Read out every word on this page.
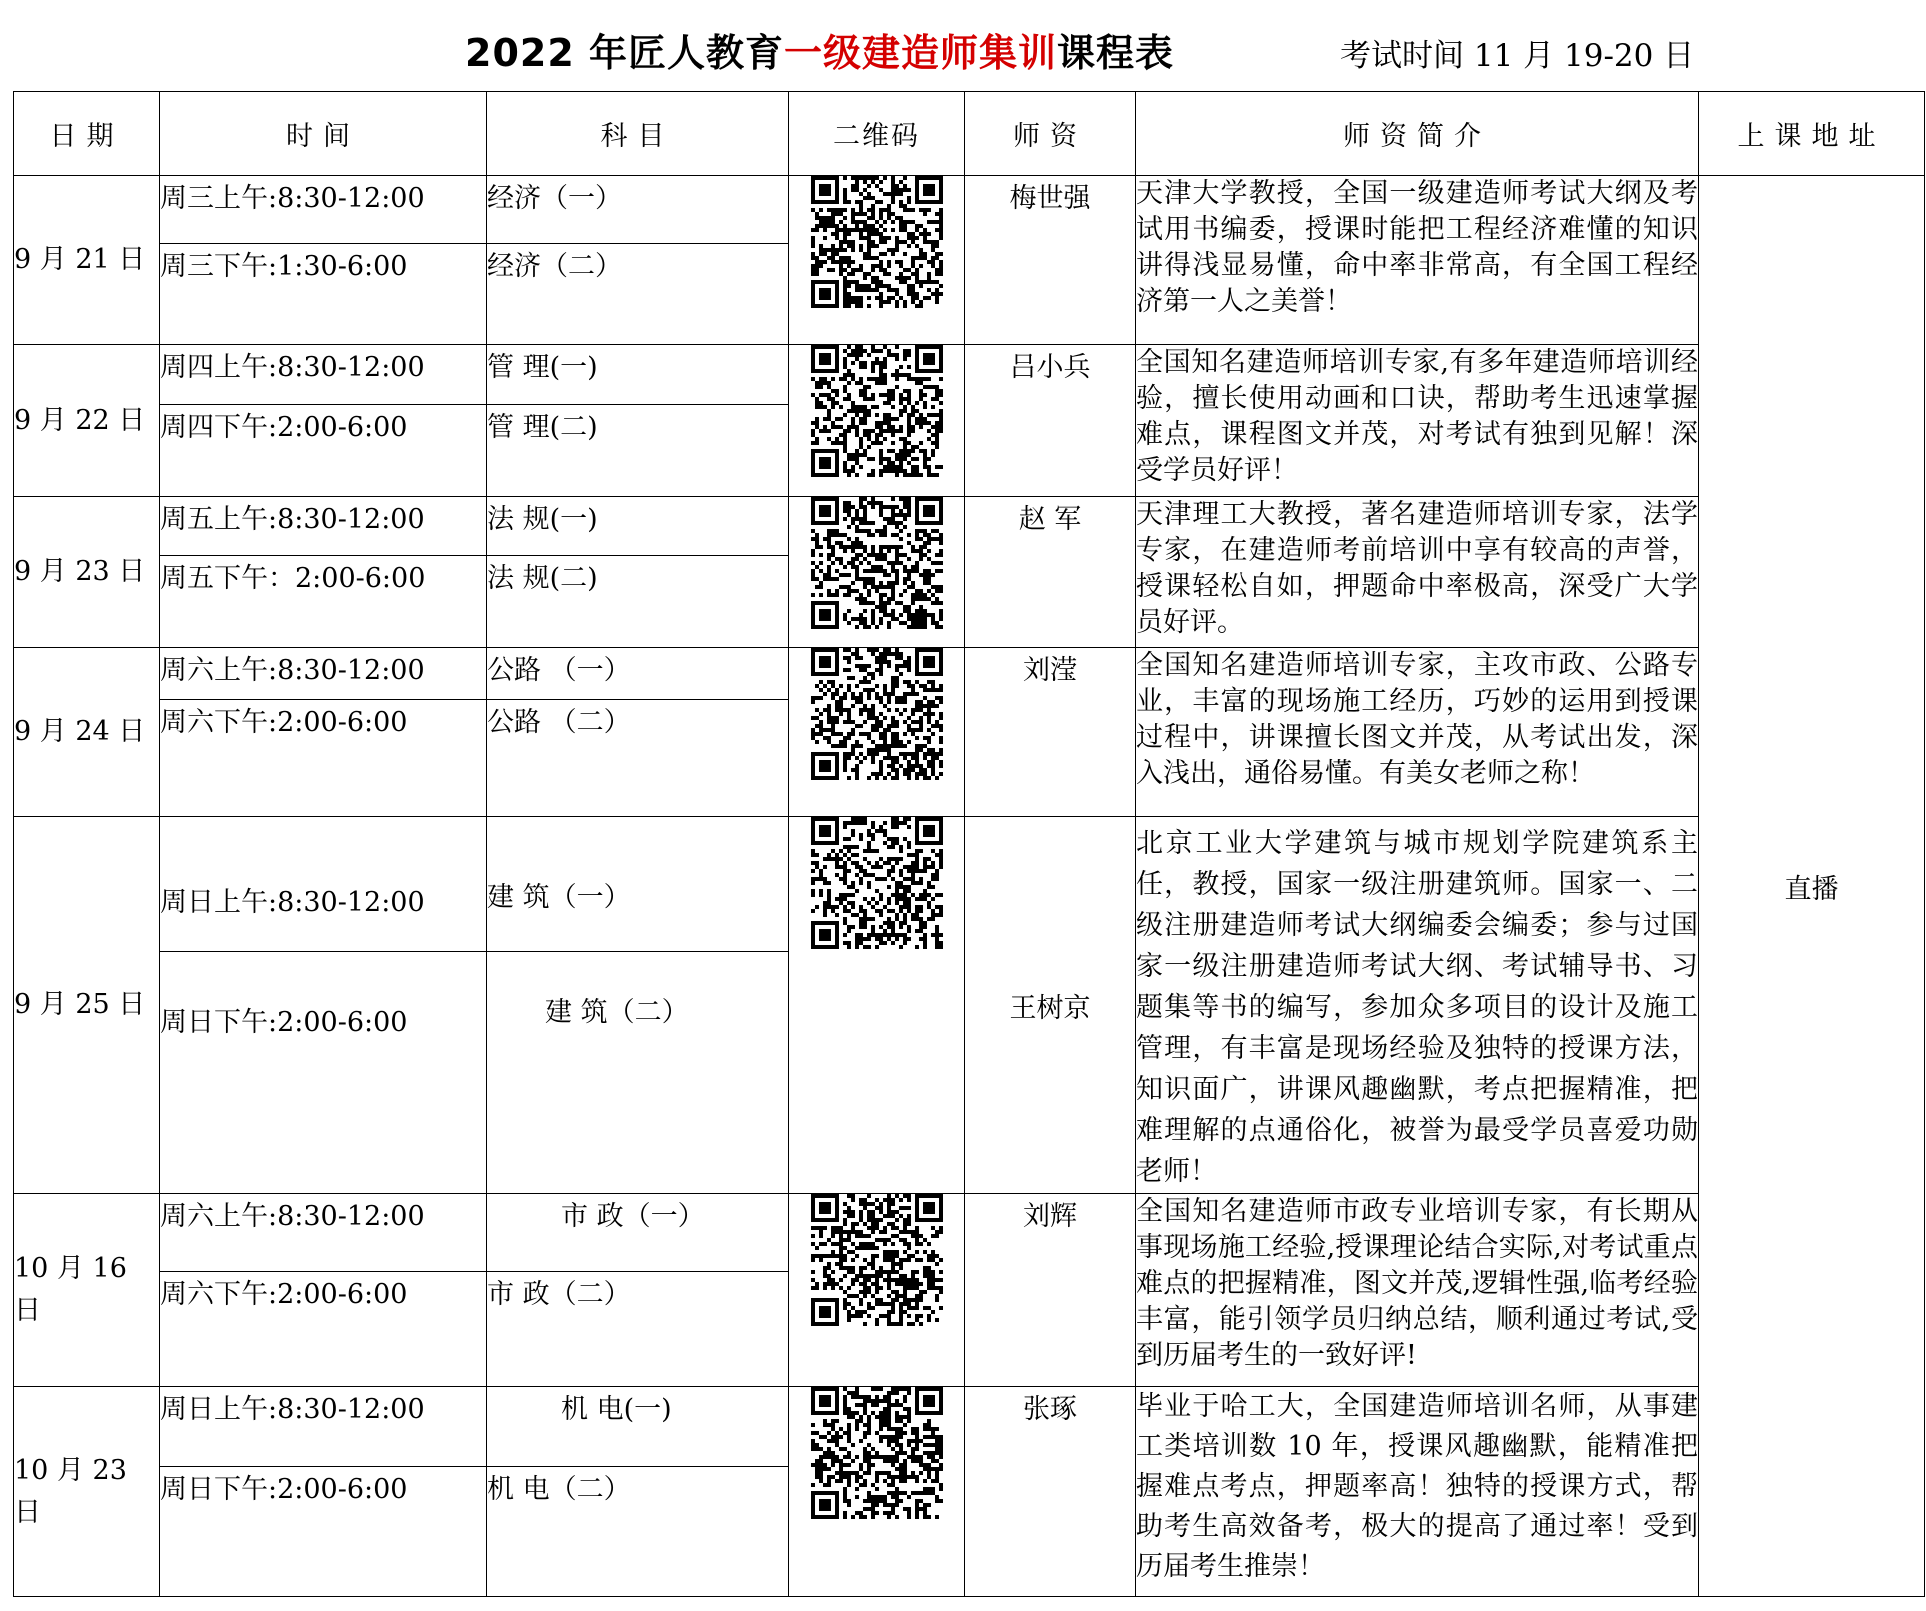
2022 年匠人教育一级建造师集训课程表	考试时间 11 月 19-20 日
日期	时间	科目	二维码	师资	师资简介	上课地址
9 月 21 日	周三上午:8:30-12:00	经济（一）		梅世强	天津大学教授，全国一级建造师考试大纲及考试用书编委，授课时能把工程经济难懂的知识讲得浅显易懂，命中率非常高，有全国工程经济第一人之美誉！	直播
	周三下午:1:30-6:00	经济（二）				
9 月 22 日	周四上午:8:30-12:00	管 理(一)		吕小兵	全国知名建造师培训专家,有多年建造师培训经验，擅长使用动画和口诀，帮助考生迅速掌握难点，课程图文并茂，对考试有独到见解！深受学员好评！	
	周四下午:2:00-6:00	管 理(二)				
9 月 23 日	周五上午:8:30-12:00	法 规(一)		赵 军	天津理工大教授，著名建造师培训专家，法学专家，在建造师考前培训中享有较高的声誉，授课轻松自如，押题命中率极高，深受广大学员好评。	
	周五下午：2:00-6:00	法 规(二)				
9 月 24 日	周六上午:8:30-12:00	公路 （一）		刘滢	全国知名建造师培训专家，主攻市政、公路专业，丰富的现场施工经历，巧妙的运用到授课过程中，讲课擅长图文并茂，从考试出发，深入浅出，通俗易懂。有美女老师之称！	
	周六下午:2:00-6:00	公路 （二）				
9 月 25 日	周日上午:8:30-12:00	建 筑（一）		王树京	北京工业大学建筑与城市规划学院建筑系主任，教授，国家一级注册建筑师。国家一、二级注册建造师考试大纲编委会编委；参与过国家一级注册建造师考试大纲、考试辅导书、习题集等书的编写，参加众多项目的设计及施工管理，有丰富是现场经验及独特的授课方法，知识面广，讲课风趣幽默，考点把握精准，把难理解的点通俗化，被誉为最受学员喜爱功勋老师！	
	周日下午:2:00-6:00	建 筑（二）				
10 月 16 日	周六上午:8:30-12:00	市 政（一）		刘辉	全国知名建造师市政专业培训专家，有长期从事现场施工经验,授课理论结合实际,对考试重点难点的把握精准，图文并茂,逻辑性强,临考经验丰富，能引领学员归纳总结，顺利通过考试,受到历届考生的一致好评!	
	周六下午:2:00-6:00	市 政（二）				
10 月 23 日	周日上午:8:30-12:00	机 电(一)		张琢	毕业于哈工大，全国建造师培训名师，从事建工类培训数 10 年，授课风趣幽默，能精准把握难点考点，押题率高！独特的授课方式，帮助考生高效备考，极大的提高了通过率！受到历届考生推崇！	
	周日下午:2:00-6:00	机 电（二）				
